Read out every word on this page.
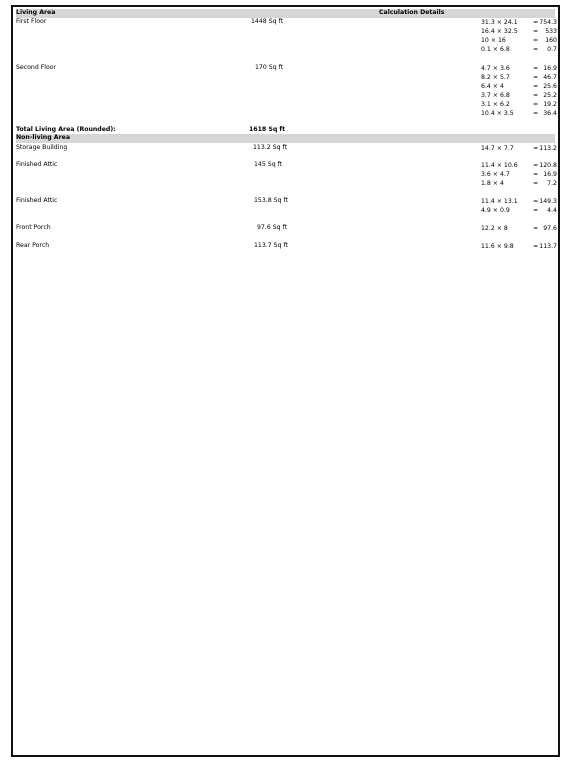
Living Area	Calculation Details
First Floor	1448 Sq ft	31.3 × 24.1 = 754.3
16.4 × 32.5 = 533
10 × 16	= 160
0.1 × 6.8	= 0.7
Second Floor	170 Sq ft	4.7 × 3.6	= 16.9
8.2 × 5.7	= 46.7
6.4 × 4	= 25.6
3.7 × 6.8	= 25.2
3.1 × 6.2	= 19.2
10.4 × 3.5	= 36.4
Total Living Area (Rounded):	1618 Sq ft
Non-living Area
Storage Building	113.2 Sq ft	14.7 × 7.7	= 113.2
Finished Attic	145 Sq ft	11.4 × 10.6 = 120.8
3.6 × 4.7	= 16.9
1.8 × 4	= 7.2
Finished Attic	153.8 Sq ft	11.4 × 13.1 = 149.3
4.9 × 0.9	= 4.4
Front Porch	97.6 Sq ft	12.2 × 8	= 97.6
Rear Porch	113.7 Sq ft	11.6 × 9.8	= 113.7
